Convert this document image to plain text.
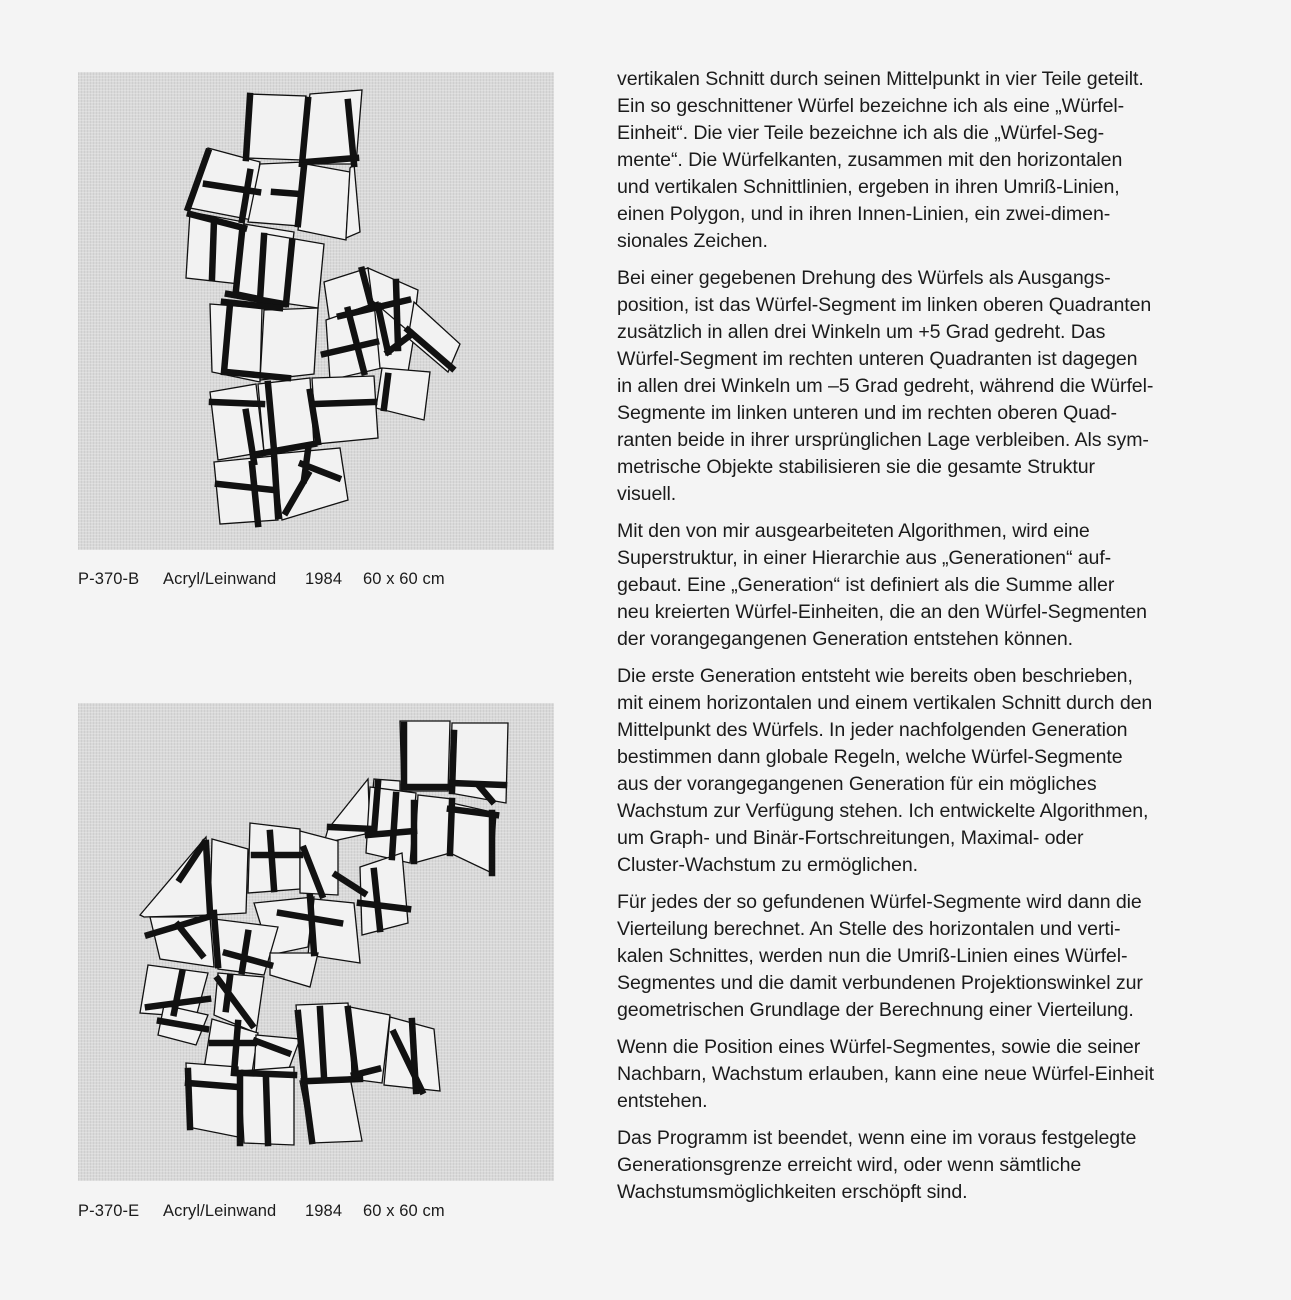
P-370-B Acryl/Leinwand 1984 60 x 60 cm
P-370-E Acryl/Leinwand 1984 60 x 60 cm

vertikalen Schnitt durch seinen Mittelpunkt in vier Teile geteilt.
Ein so geschnittener Würfel bezeichne ich als eine „Würfel-
Einheit“. Die vier Teile bezeichne ich als die „Würfel-Seg-
mente“. Die Würfelkanten, zusammen mit den horizontalen
und vertikalen Schnittlinien, ergeben in ihren Umriß-Linien,
einen Polygon, und in ihren Innen-Linien, ein zwei-dimen-
sionales Zeichen.

Bei einer gegebenen Drehung des Würfels als Ausgangs-
position, ist das Würfel-Segment im linken oberen Quadranten
zusätzlich in allen drei Winkeln um +5 Grad gedreht. Das
Würfel-Segment im rechten unteren Quadranten ist dagegen
in allen drei Winkeln um –5 Grad gedreht, während die Würfel-
Segmente im linken unteren und im rechten oberen Quad-
ranten beide in ihrer ursprünglichen Lage verbleiben. Als sym-
metrische Objekte stabilisieren sie die gesamte Struktur
visuell.

Mit den von mir ausgearbeiteten Algorithmen, wird eine
Superstruktur, in einer Hierarchie aus „Generationen“ auf-
gebaut. Eine „Generation“ ist definiert als die Summe aller
neu kreierten Würfel-Einheiten, die an den Würfel-Segmenten
der vorangegangenen Generation entstehen können.

Die erste Generation entsteht wie bereits oben beschrieben,
mit einem horizontalen und einem vertikalen Schnitt durch den
Mittelpunkt des Würfels. In jeder nachfolgenden Generation
bestimmen dann globale Regeln, welche Würfel-Segmente
aus der vorangegangenen Generation für ein mögliches
Wachstum zur Verfügung stehen. Ich entwickelte Algorithmen,
um Graph- und Binär-Fortschreitungen, Maximal- oder
Cluster-Wachstum zu ermöglichen.

Für jedes der so gefundenen Würfel-Segmente wird dann die
Vierteilung berechnet. An Stelle des horizontalen und verti-
kalen Schnittes, werden nun die Umriß-Linien eines Würfel-
Segmentes und die damit verbundenen Projektionswinkel zur
geometrischen Grundlage der Berechnung einer Vierteilung.

Wenn die Position eines Würfel-Segmentes, sowie die seiner
Nachbarn, Wachstum erlauben, kann eine neue Würfel-Einheit
entstehen.

Das Programm ist beendet, wenn eine im voraus festgelegte
Generationsgrenze erreicht wird, oder wenn sämtliche
Wachstumsmöglichkeiten erschöpft sind.
